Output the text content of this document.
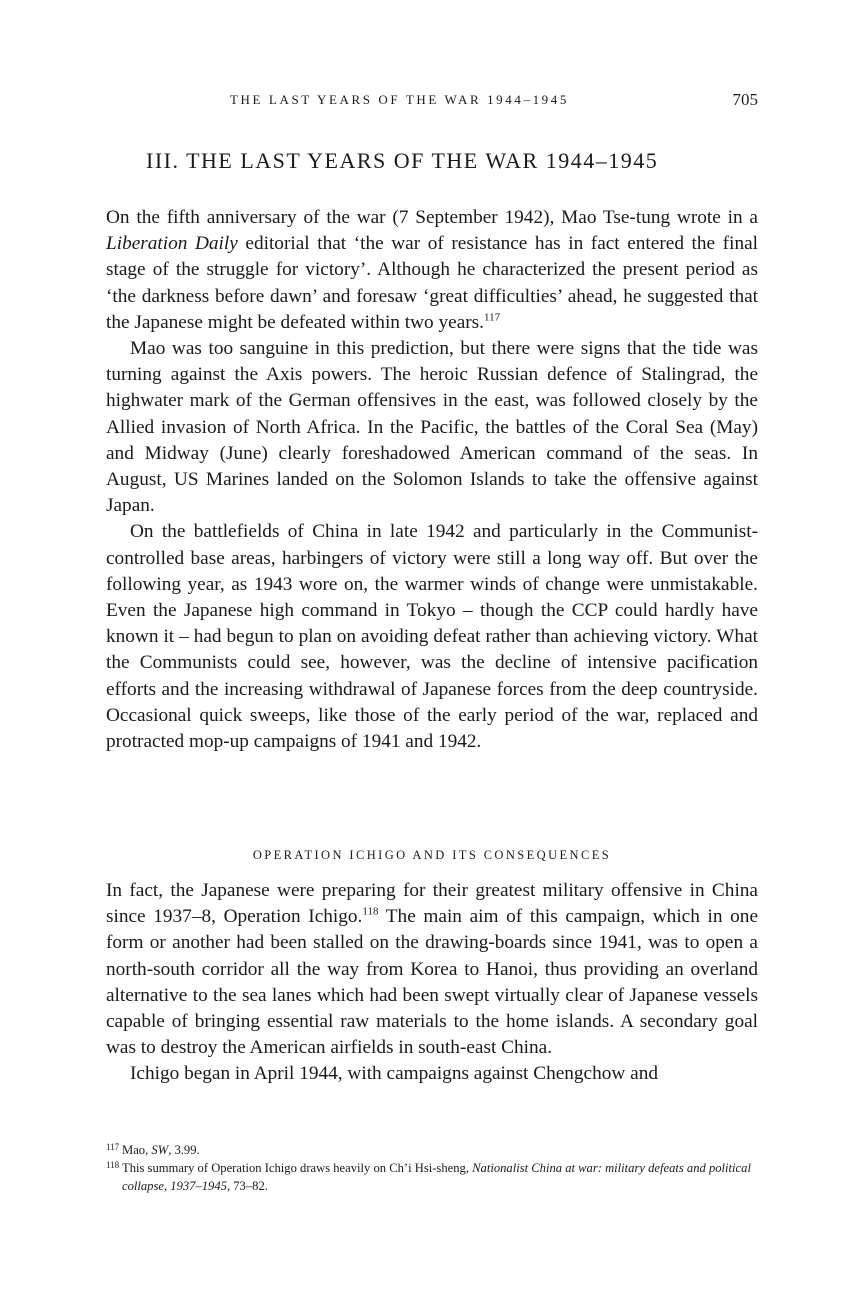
THE LAST YEARS OF THE WAR 1944–1945	705
III. THE LAST YEARS OF THE WAR 1944–1945

On the fifth anniversary of the war (7 September 1942), Mao Tse-tung wrote in a Liberation Daily editorial that ‘the war of resistance has in fact entered the final stage of the struggle for victory’. Although he characterized the present period as ‘the darkness before dawn’ and foresaw ‘great difficulties’ ahead, he suggested that the Japanese might be defeated within two years.$^{117}$

Mao was too sanguine in this prediction, but there were signs that the tide was turning against the Axis powers. The heroic Russian defence of Stalingrad, the highwater mark of the German offensives in the east, was followed closely by the Allied invasion of North Africa. In the Pacific, the battles of the Coral Sea (May) and Midway (June) clearly foreshadowed American command of the seas. In August, US Marines landed on the Solomon Islands to take the offensive against Japan.

On the battlefields of China in late 1942 and particularly in the Communist-controlled base areas, harbingers of victory were still a long way off. But over the following year, as 1943 wore on, the warmer winds of change were unmistakable. Even the Japanese high command in Tokyo – though the CCP could hardly have known it – had begun to plan on avoiding defeat rather than achieving victory. What the Communists could see, however, was the decline of intensive pacification efforts and the increasing withdrawal of Japanese forces from the deep countryside. Occasional quick sweeps, like those of the early period of the war, replaced and protracted mop-up campaigns of 1941 and 1942.

OPERATION ICHIGO AND ITS CONSEQUENCES

In fact, the Japanese were preparing for their greatest military offensive in China since 1937–8, Operation Ichigo.$^{118}$ The main aim of this campaign, which in one form or another had been stalled on the drawing-boards since 1941, was to open a north-south corridor all the way from Korea to Hanoi, thus providing an overland alternative to the sea lanes which had been swept virtually clear of Japanese vessels capable of bringing essential raw materials to the home islands. A secondary goal was to destroy the American airfields in south-east China.

Ichigo began in April 1944, with campaigns against Chengchow and

117 Mao, SW, 3.99.
118 This summary of Operation Ichigo draws heavily on Ch’i Hsi-sheng, Nationalist China at war: military defeats and political collapse, 1937–1945, 73–82.
